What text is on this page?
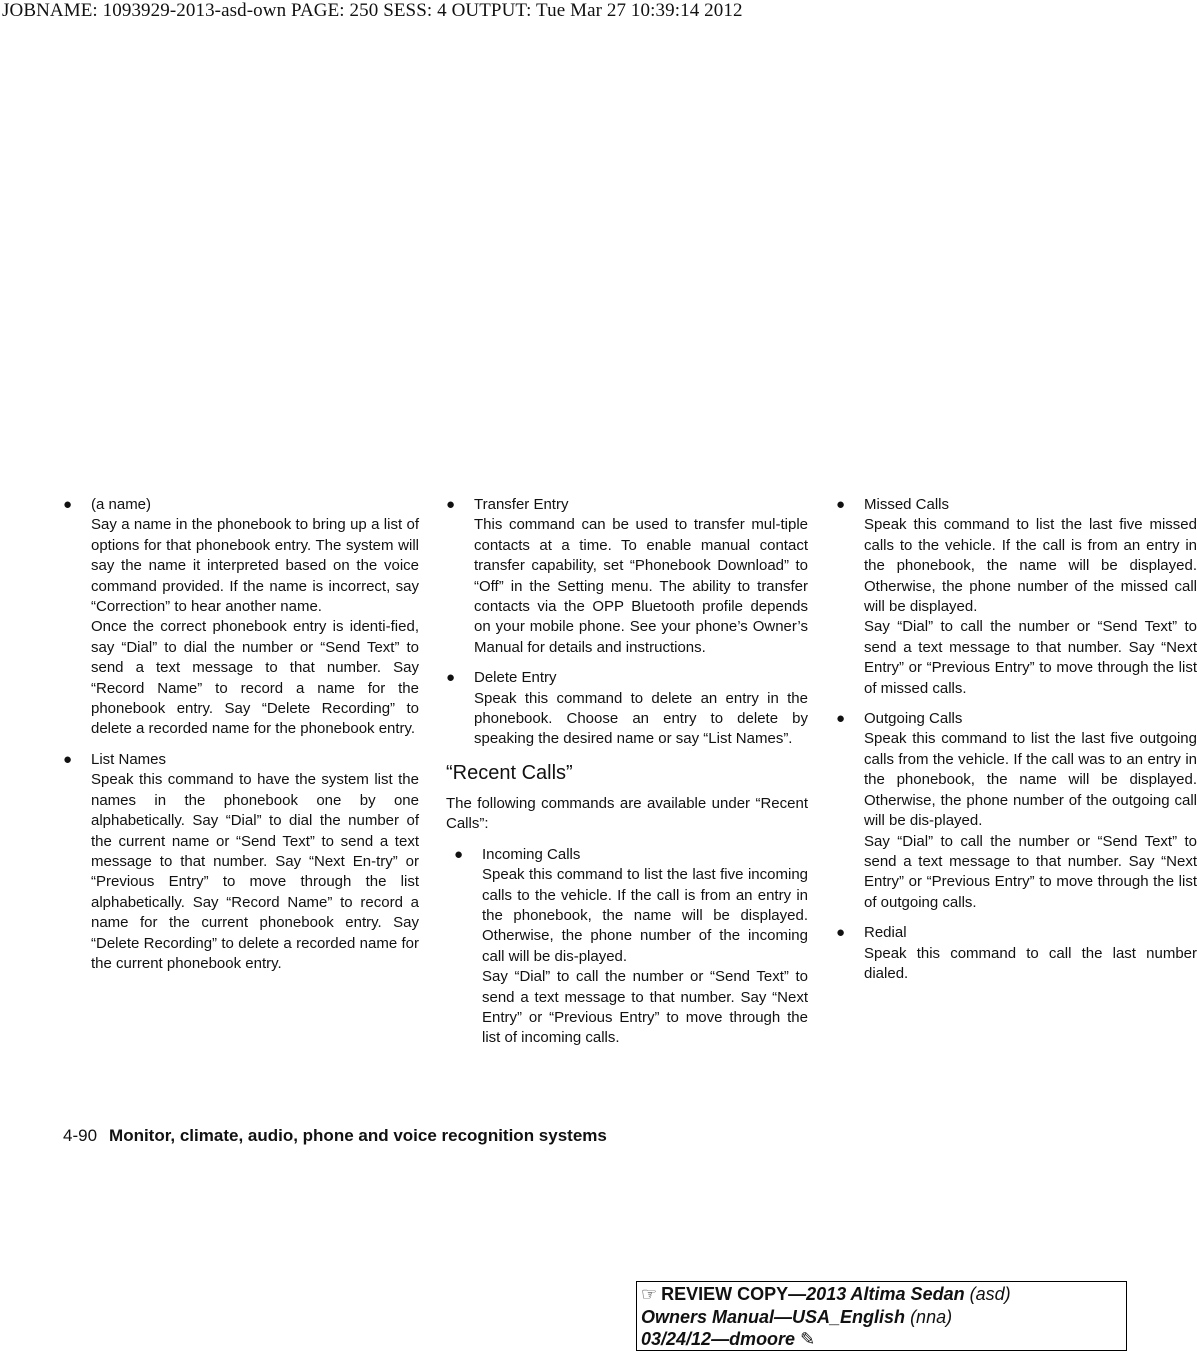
JOBNAME: 1093929-2013-asd-own PAGE: 250 SESS: 4 OUTPUT: Tue Mar 27 10:39:14 2012
● (a name)
Say a name in the phonebook to bring up a list of options for that phonebook entry. The system will say the name it interpreted based on the voice command provided. If the name is incorrect, say “Correction” to hear another name.
Once the correct phonebook entry is identi-fied, say “Dial” to dial the number or “Send Text” to send a text message to that number. Say “Record Name” to record a name for the phonebook entry. Say “Delete Recording” to delete a recorded name for the phonebook entry.
● List Names
Speak this command to have the system list the names in the phonebook one by one alphabetically. Say “Dial” to dial the number of the current name or “Send Text” to send a text message to that number. Say “Next En-try” or “Previous Entry” to move through the list alphabetically. Say “Record Name” to record a name for the current phonebook entry. Say “Delete Recording” to delete a recorded name for the current phonebook entry.
● Transfer Entry
This command can be used to transfer mul-tiple contacts at a time. To enable manual contact transfer capability, set “Phonebook Download” to “Off” in the Setting menu. The ability to transfer contacts via the OPP Bluetooth profile depends on your mobile phone. See your phone’s Owner’s Manual for details and instructions.
● Delete Entry
Speak this command to delete an entry in the phonebook. Choose an entry to delete by speaking the desired name or say “List Names”.
“Recent Calls”
The following commands are available under “Recent Calls”:
● Incoming Calls
Speak this command to list the last five incoming calls to the vehicle. If the call is from an entry in the phonebook, the name will be displayed. Otherwise, the phone number of the incoming call will be dis-played.
Say “Dial” to call the number or “Send Text” to send a text message to that number. Say “Next Entry” or “Previous Entry” to move through the list of incoming calls.
● Missed Calls
Speak this command to list the last five missed calls to the vehicle. If the call is from an entry in the phonebook, the name will be displayed. Otherwise, the phone number of the missed call will be displayed.
Say “Dial” to call the number or “Send Text” to send a text message to that number. Say “Next Entry” or “Previous Entry” to move through the list of missed calls.
● Outgoing Calls
Speak this command to list the last five outgoing calls from the vehicle. If the call was to an entry in the phonebook, the name will be displayed. Otherwise, the phone number of the outgoing call will be dis-played.
Say “Dial” to call the number or “Send Text” to send a text message to that number. Say “Next Entry” or “Previous Entry” to move through the list of outgoing calls.
● Redial
Speak this command to call the last number dialed.
4-90 Monitor, climate, audio, phone and voice recognition systems
☞ REVIEW COPY—2013 Altima Sedan (asd)
Owners Manual—USA_English (nna)
03/24/12—dmoore ✎
